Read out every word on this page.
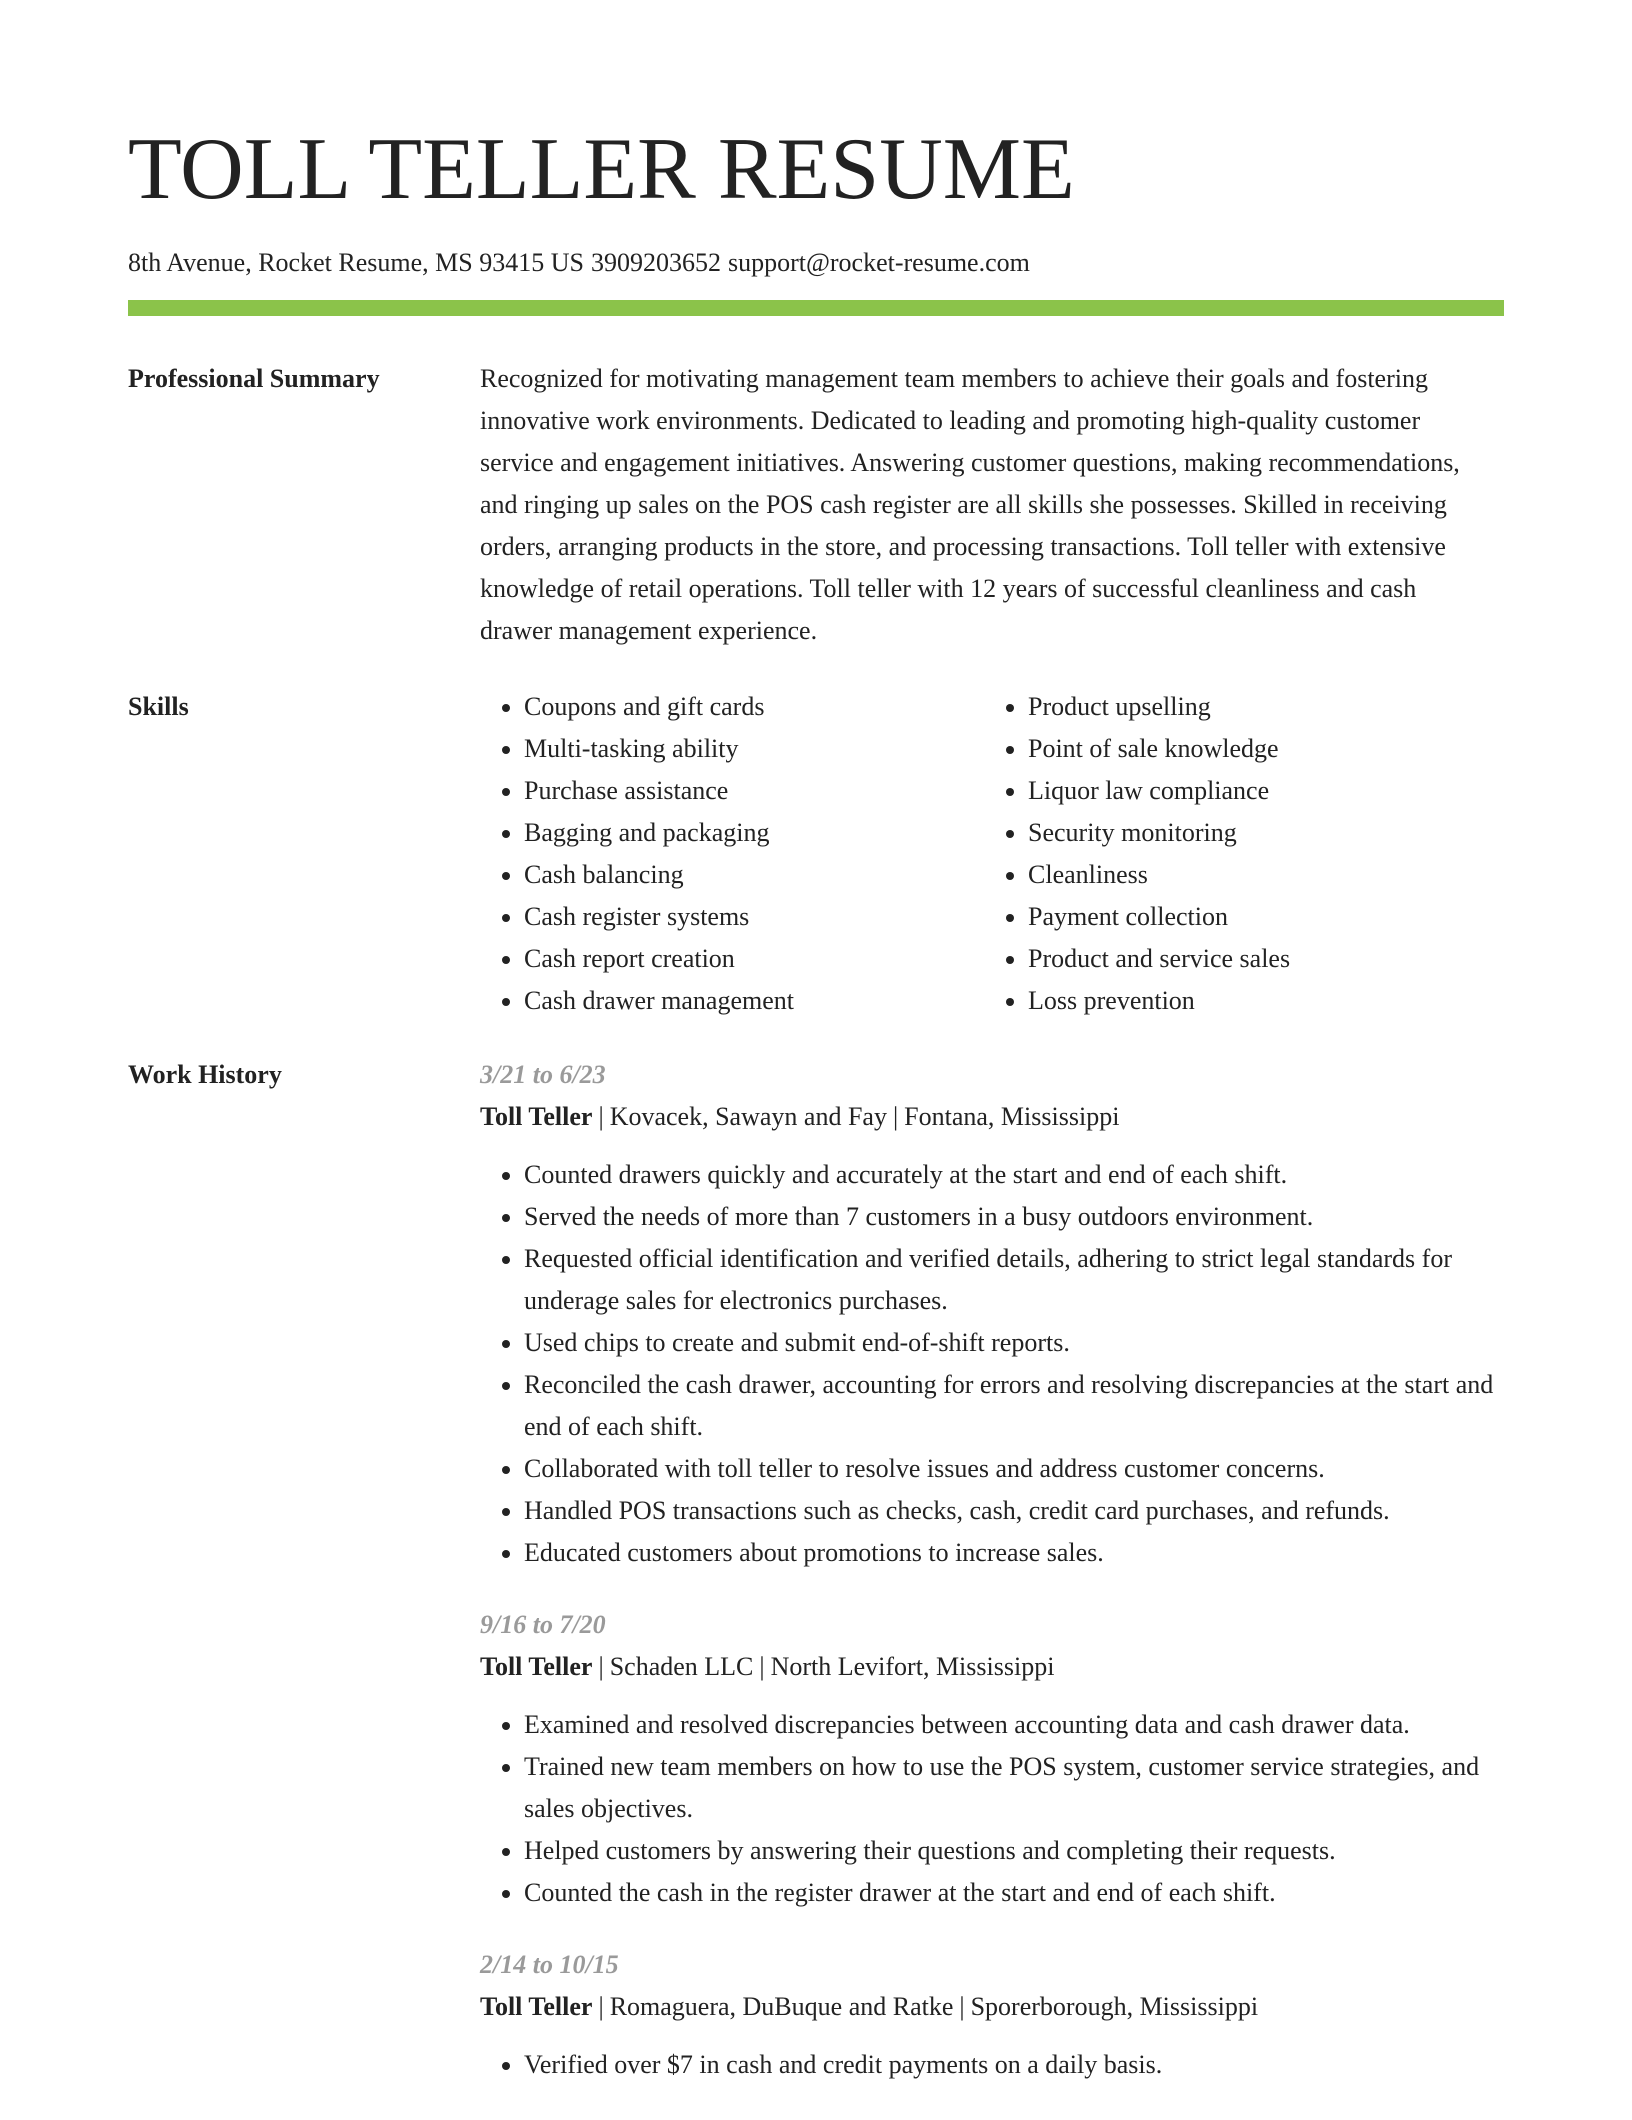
TOLL TELLER RESUME
8th Avenue, Rocket Resume, MS 93415 US 3909203652 support@rocket-resume.com
Professional Summary	Recognized for motivating management team members to achieve their goals and fostering innovative work environments. Dedicated to leading and promoting high-quality customer service and engagement initiatives. Answering customer questions, making recommendations, and ringing up sales on the POS cash register are all skills she possesses. Skilled in receiving orders, arranging products in the store, and processing transactions. Toll teller with extensive knowledge of retail operations. Toll teller with 12 years of successful cleanliness and cash drawer management experience.

Skills
•	Coupons and gift cards
• Multi-tasking ability
• Purchase assistance
• Bagging and packaging
• Cash balancing
• Cash register systems
• Cash report creation
• Cash drawer management
• Product upselling
• Point of sale knowledge
• Liquor law compliance
• Security monitoring
• Cleanliness
• Payment collection
• Product and service sales
• Loss prevention
Work History	3/21 to 6/23
Toll Teller | Kovacek, Sawayn and Fay | Fontana, Mississippi
• Counted drawers quickly and accurately at the start and end of each shift.
• Served the needs of more than 7 customers in a busy outdoors environment.
• Requested official identification and verified details, adhering to strict legal standards for underage sales for electronics purchases.
• Used chips to create and submit end-of-shift reports.
• Reconciled the cash drawer, accounting for errors and resolving discrepancies at the start and end of each shift.
• Collaborated with toll teller to resolve issues and address customer concerns.
• Handled POS transactions such as checks, cash, credit card purchases, and refunds.
• Educated customers about promotions to increase sales.
9/16 to 7/20
Toll Teller | Schaden LLC | North Levifort, Mississippi
• Examined and resolved discrepancies between accounting data and cash drawer data.
• Trained new team members on how to use the POS system, customer service strategies, and sales objectives.
• Helped customers by answering their questions and completing their requests.
• Counted the cash in the register drawer at the start and end of each shift.
2/14 to 10/15
Toll Teller | Romaguera, DuBuque and Ratke | Sporerborough, Mississippi
• Verified over $7 in cash and credit payments on a daily basis.
